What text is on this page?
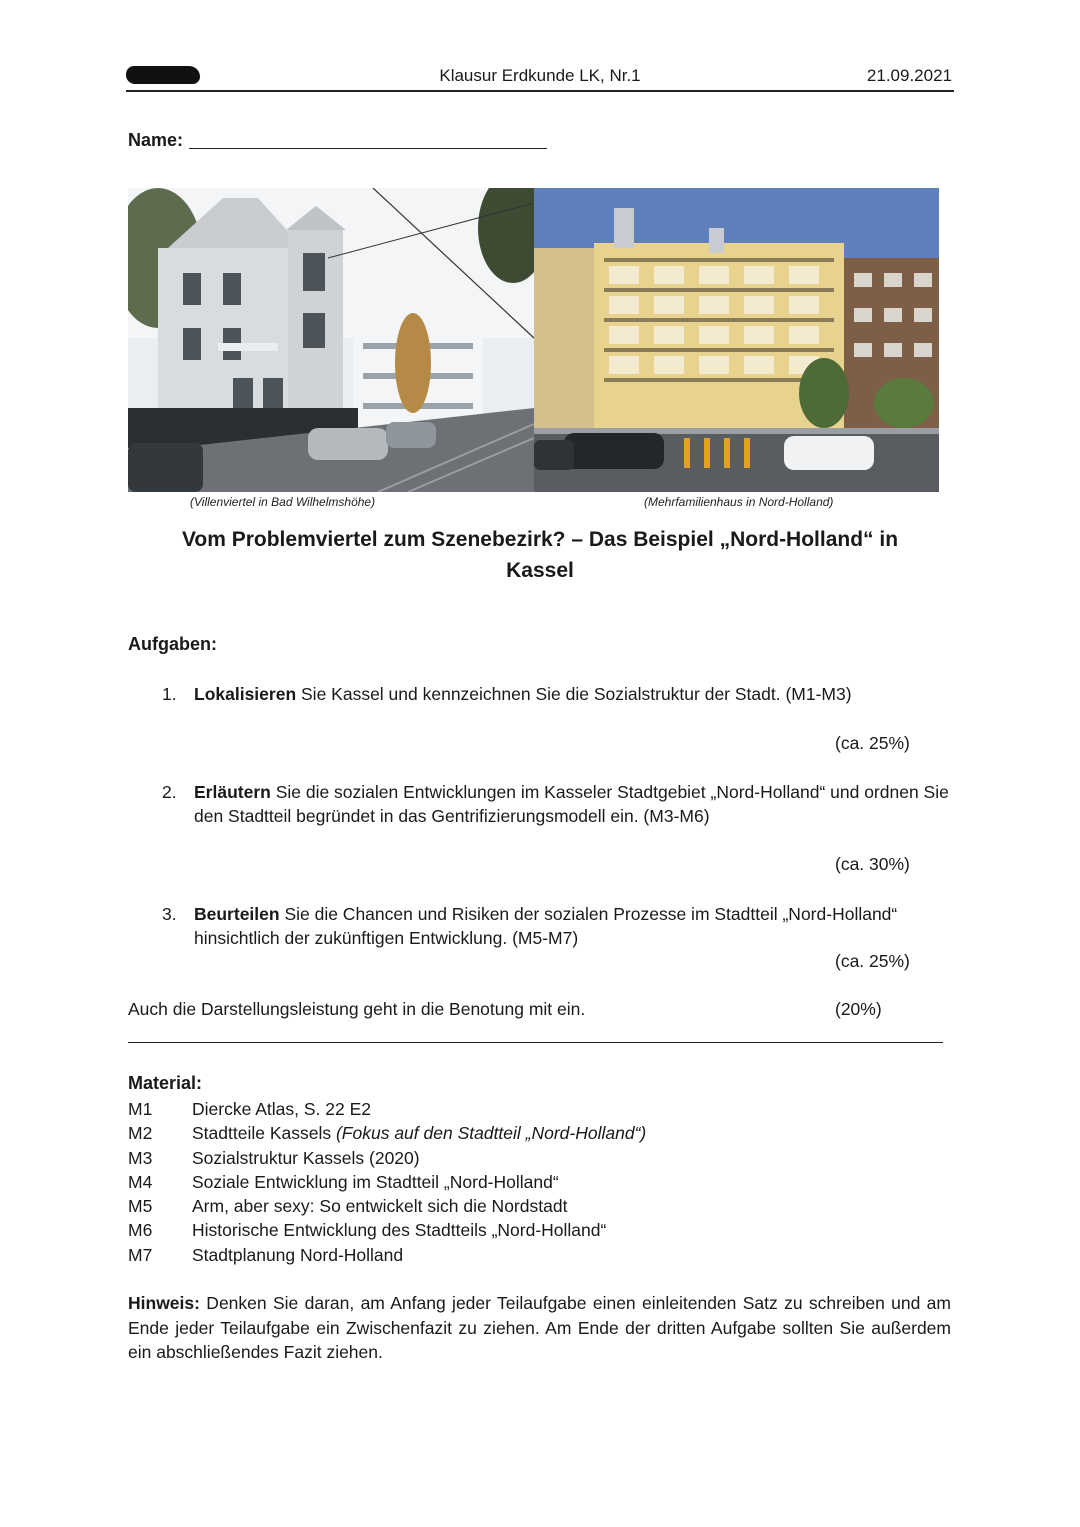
Klausur Erdkunde LK, Nr.1	21.09.2021
Name:
(Villenviertel in Bad Wilhelmshöhe)	(Mehrfamilienhaus in Nord-Holland)
Vom Problemviertel zum Szenebezirk? – Das Beispiel „Nord-Holland“ in
Kassel
Aufgaben:
1. Lokalisieren Sie Kassel und kennzeichnen Sie die Sozialstruktur der Stadt. (M1-M3)
(ca. 25%)
2. Erläutern Sie die sozialen Entwicklungen im Kasseler Stadtgebiet „Nord-Holland“ und ordnen Sie den Stadtteil begründet in das Gentrifizierungsmodell ein. (M3-M6)
(ca. 30%)
3. Beurteilen Sie die Chancen und Risiken der sozialen Prozesse im Stadtteil „Nord-Holland“ hinsichtlich der zukünftigen Entwicklung. (M5-M7)
(ca. 25%)
Auch die Darstellungsleistung geht in die Benotung mit ein.	(20%)
Material:
M1 Diercke Atlas, S. 22 E2
M2 Stadtteile Kassels (Fokus auf den Stadtteil „Nord-Holland“)
M3 Sozialstruktur Kassels (2020)
M4 Soziale Entwicklung im Stadtteil „Nord-Holland“
M5 Arm, aber sexy: So entwickelt sich die Nordstadt
M6 Historische Entwicklung des Stadtteils „Nord-Holland“
M7 Stadtplanung Nord-Holland
Hinweis: Denken Sie daran, am Anfang jeder Teilaufgabe einen einleitenden Satz zu schreiben und am Ende jeder Teilaufgabe ein Zwischenfazit zu ziehen. Am Ende der dritten Aufgabe sollten Sie außerdem ein abschließendes Fazit ziehen.
